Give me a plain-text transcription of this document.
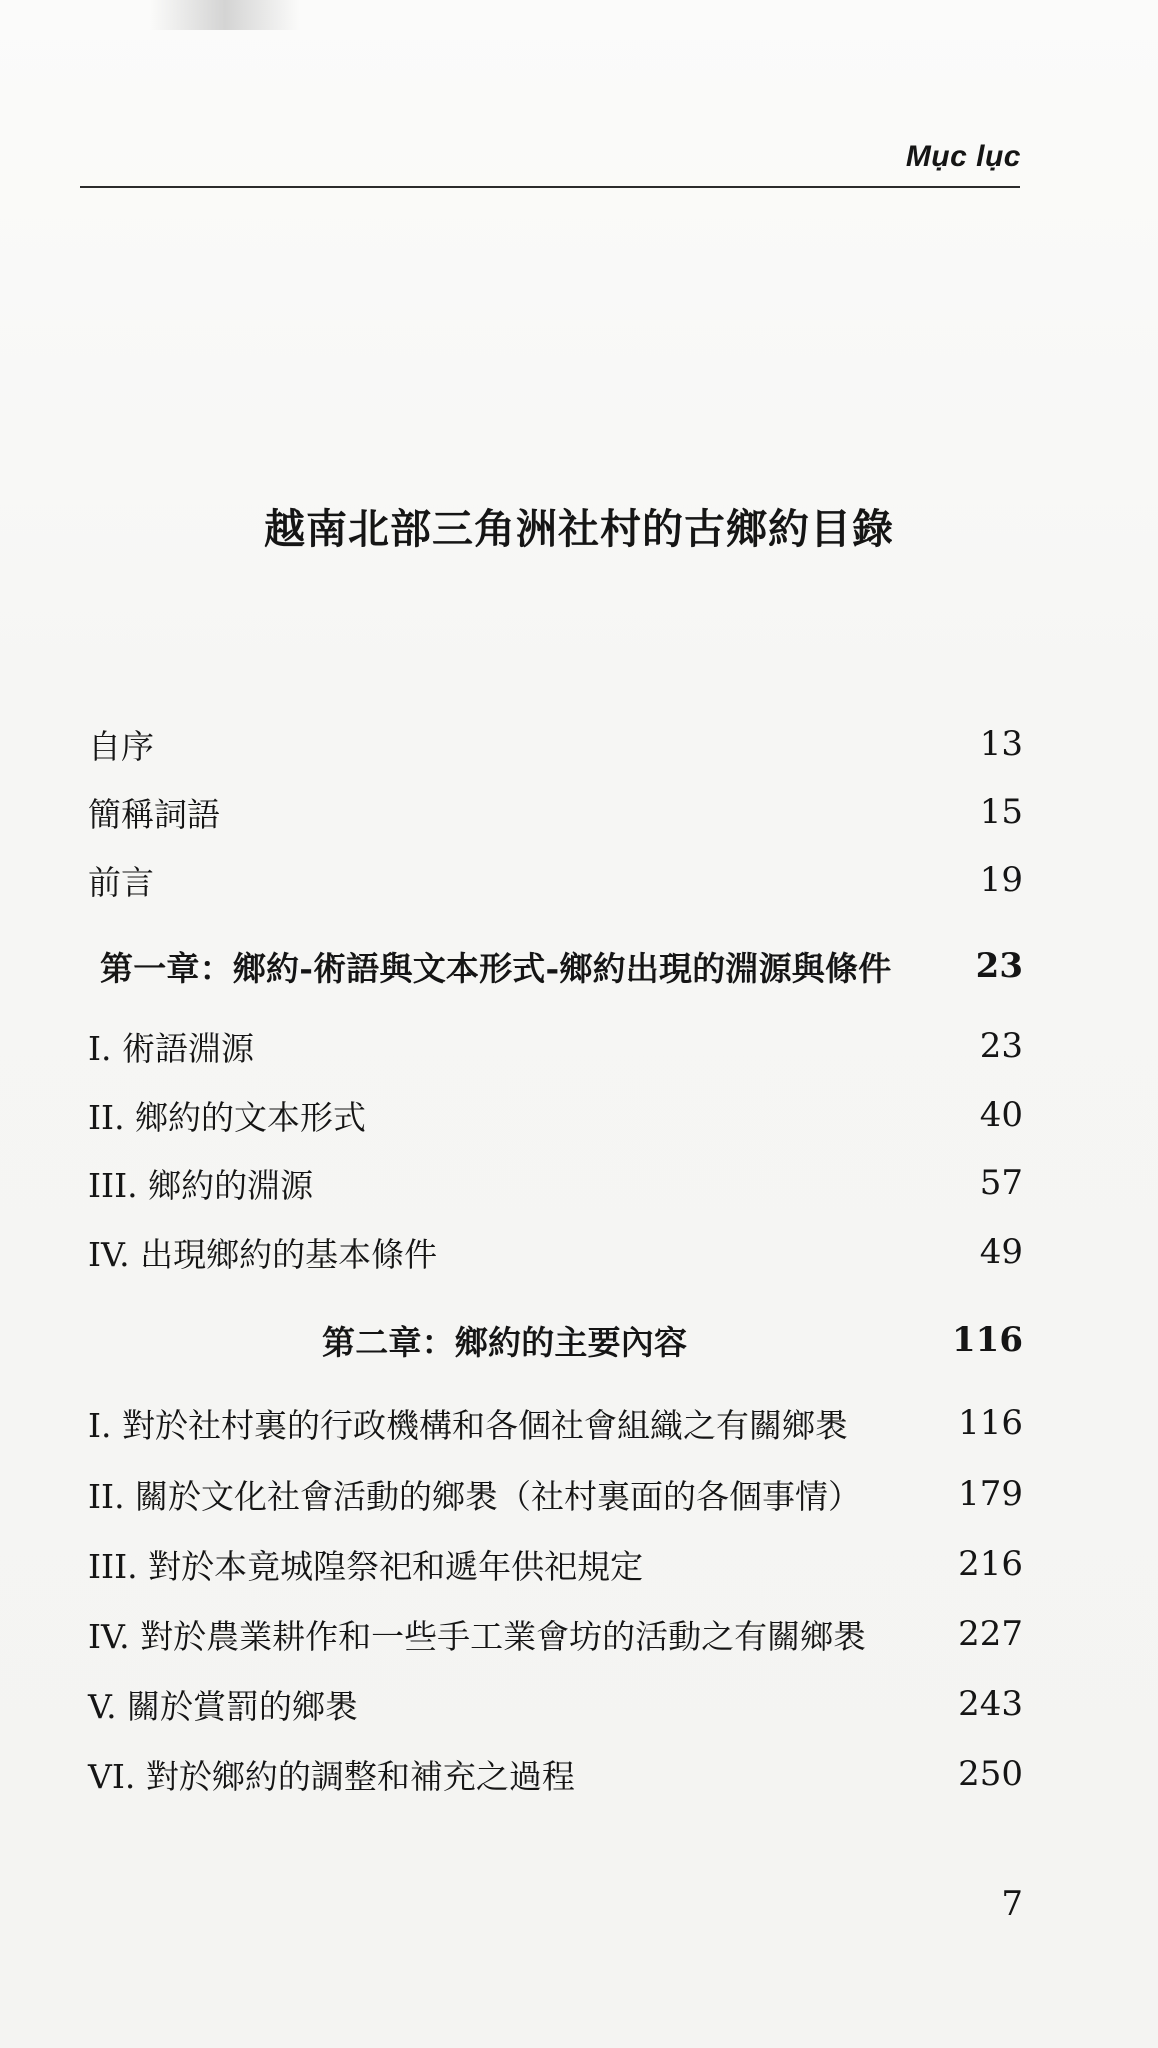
Mục lục
越南北部三角洲社村的古鄉約目錄
自序	13
簡稱詞語	15
前言	19
第一章：鄉約-術語與文本形式-鄉約出現的淵源與條件 23
I. 術語淵源	23
II. 鄉約的文本形式	40
III. 鄉約的淵源	57
IV. 出現鄉約的基本條件	49
第二章：鄉約的主要內容	116
I. 對於社村裏的行政機構和各個社會組織之有關鄉褁	116
II. 關於文化社會活動的鄉褁（社村裏面的各個事情）	179
III. 對於本竟城隍祭祀和遞年供祀規定	216
IV. 對於農業耕作和一些手工業會坊的活動之有關鄉褁	227
V. 關於賞罰的鄉褁	243
VI. 對於鄉約的調整和補充之過程	250
7
